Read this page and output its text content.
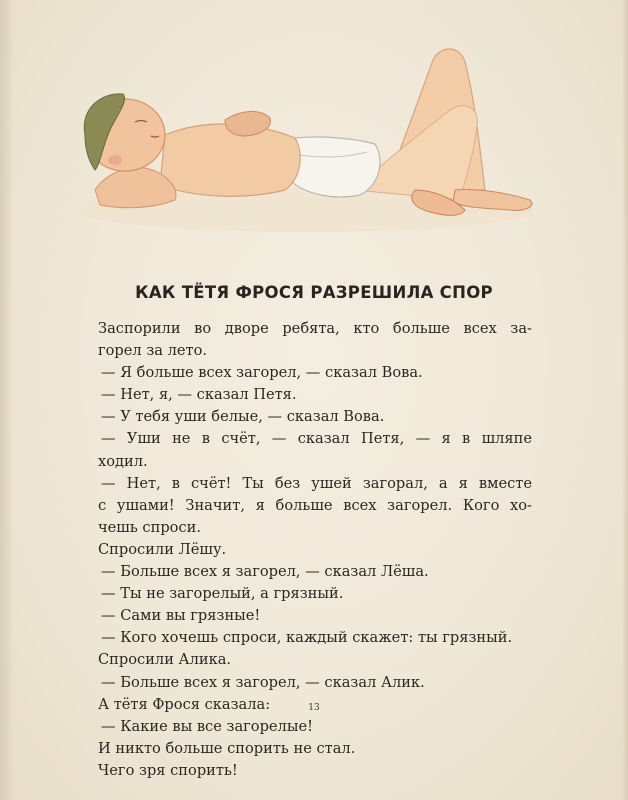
КАК ТЁТЯ ФРОСЯ РАЗРЕШИЛА СПОР
Заспорили во дворе ребята, кто больше всех за-
горел за лето.
— Я больше всех загорел, — сказал Вова.
— Нет, я, — сказал Петя.
— У тебя уши белые, — сказал Вова.
— Уши не в счёт, — сказал Петя, — я в шляпе
ходил.
— Нет, в счёт! Ты без ушей загорал, а я вместе
с ушами! Значит, я больше всех загорел. Кого хо-
чешь спроси.
Спросили Лёшу.
— Больше всех я загорел, — сказал Лёша.
— Ты не загорелый, а грязный.
— Сами вы грязные!
— Кого хочешь спроси, каждый скажет: ты грязный.
Спросили Алика.
— Больше всех я загорел, — сказал Алик.
А тётя Фрося сказала:
— Какие вы все загорелые!
И никто больше спорить не стал.
Чего зря спорить!
13
